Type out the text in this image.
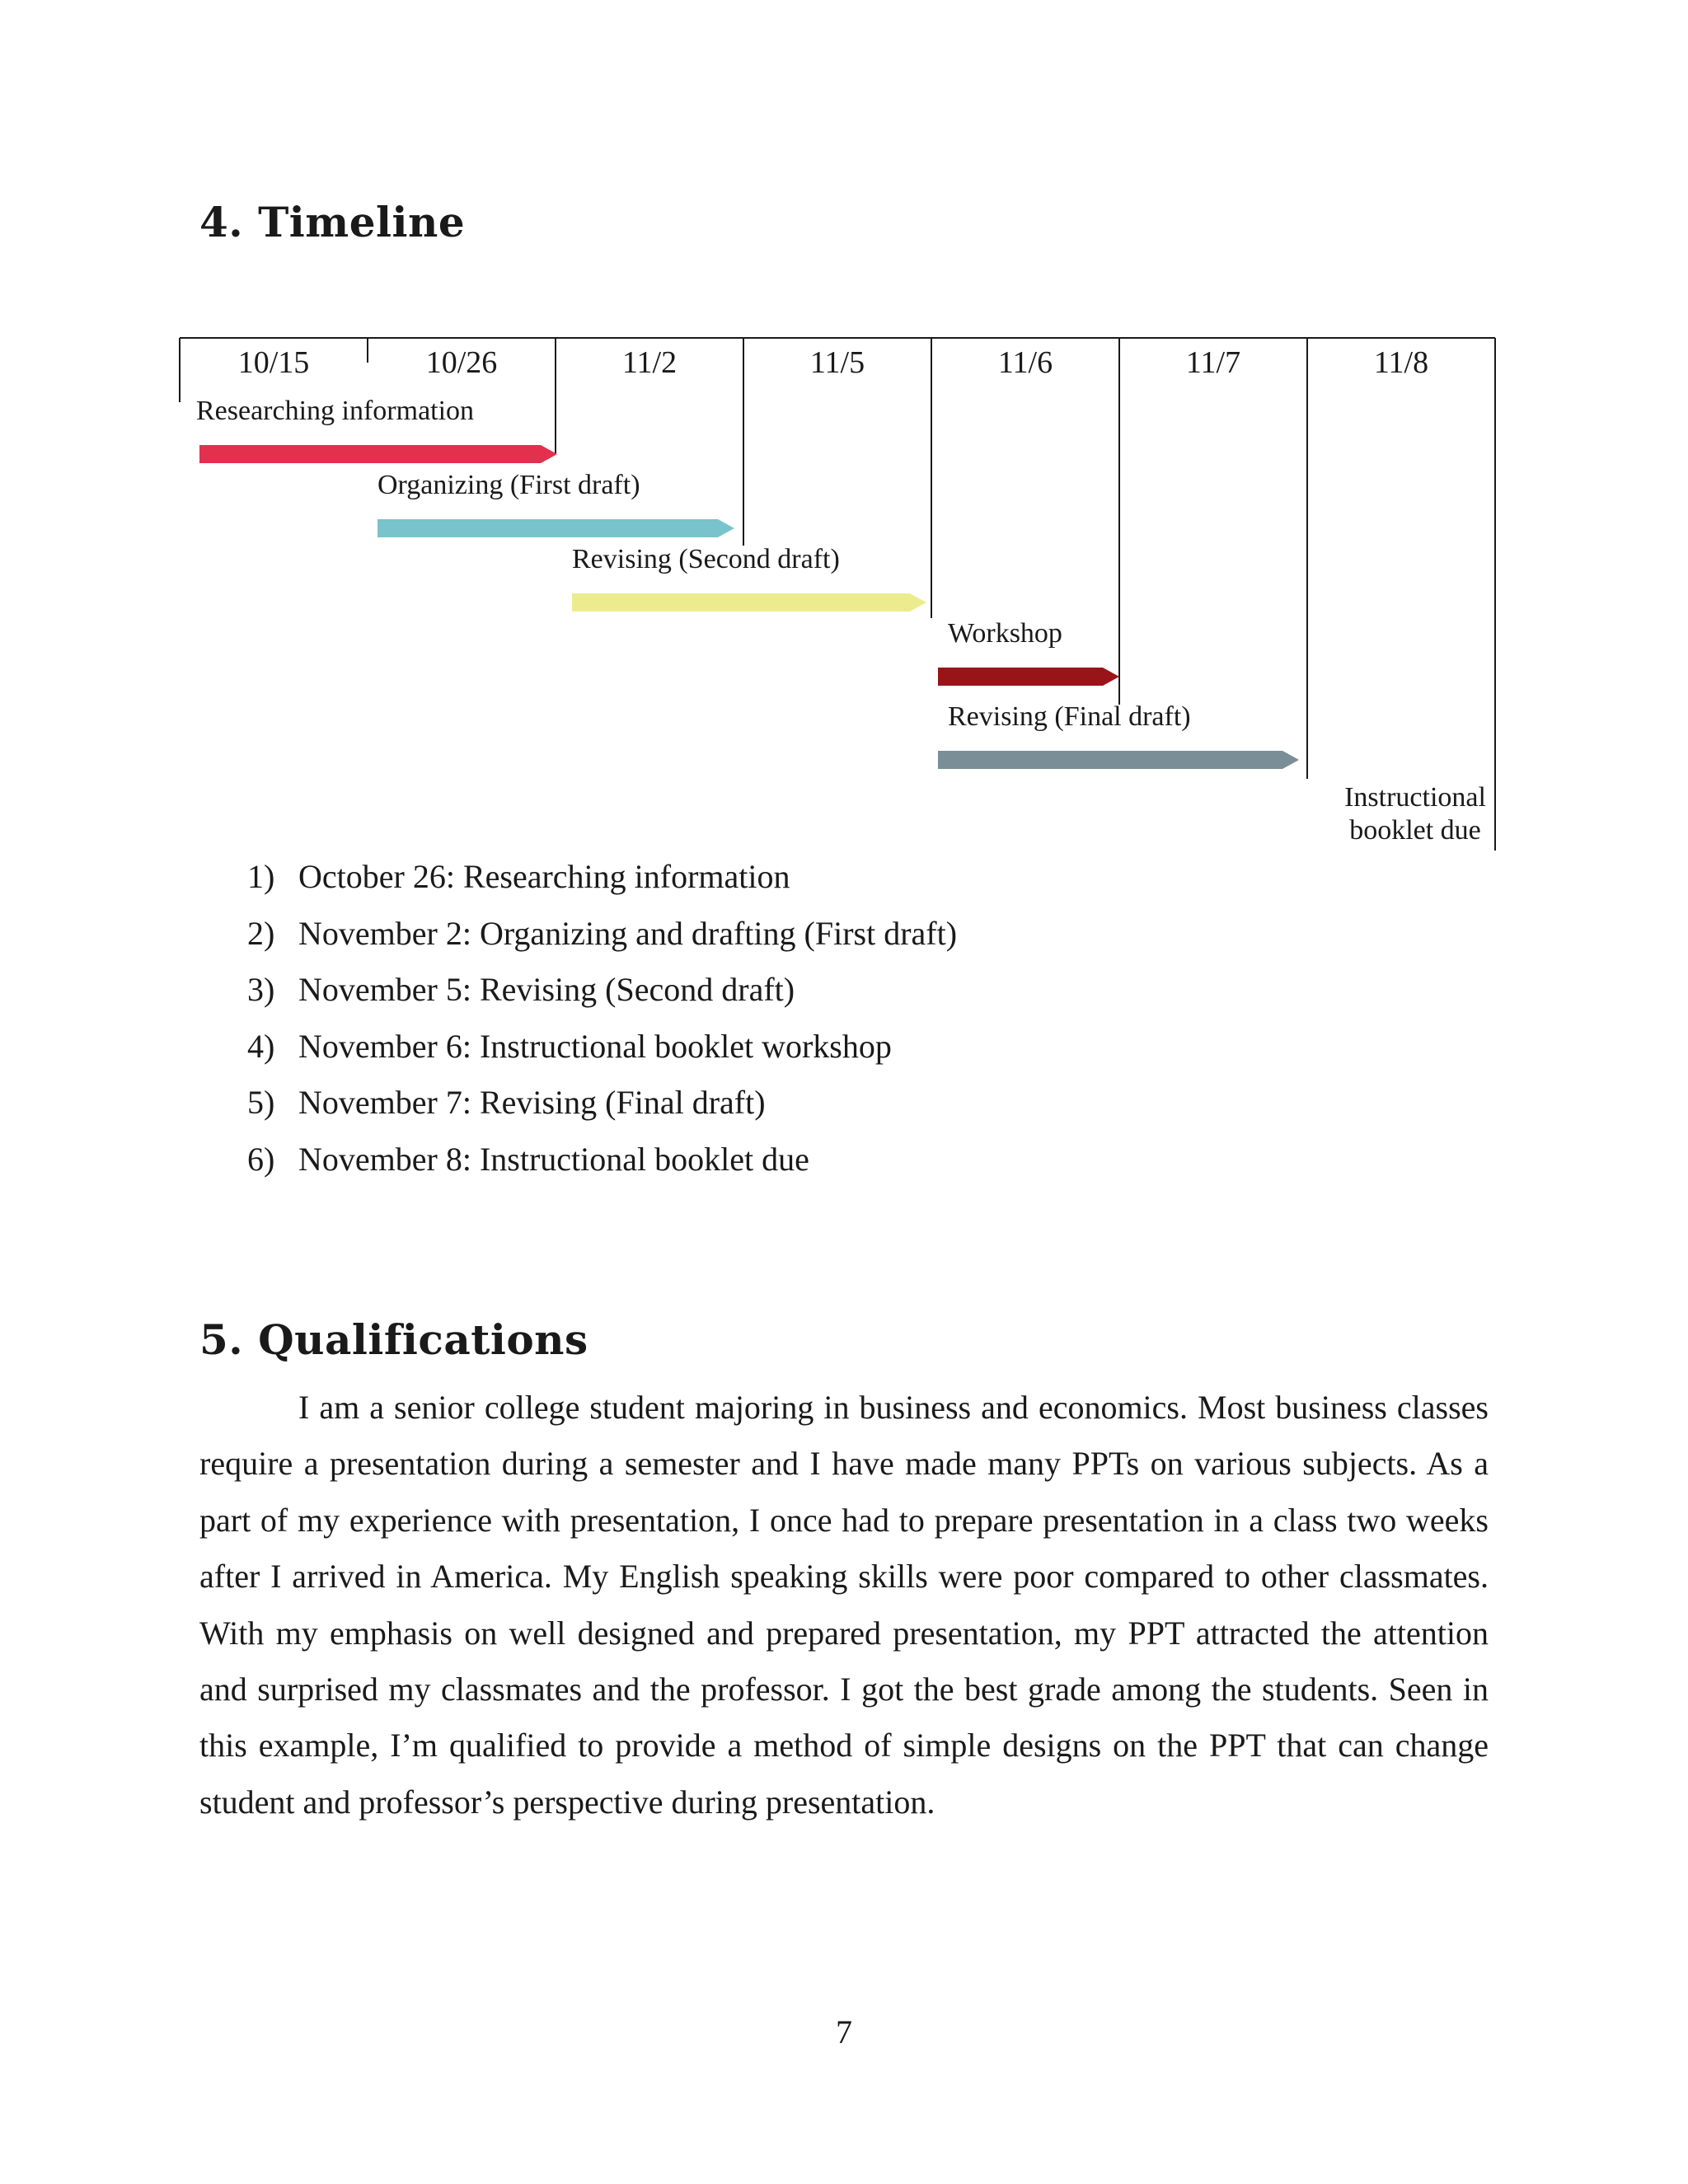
4. Timeline
10/15	10/26	11/2	11/5	11/6	11/7	11/8
Researching information
Organizing (First draft)
Revising (Second draft)
Workshop
Revising (Final draft)
Instructional
booklet due
1) October 26: Researching information
2) November 2: Organizing and drafting (First draft)
3) November 5: Revising (Second draft)
4) November 6: Instructional booklet workshop
5) November 7: Revising (Final draft)
6) November 8: Instructional booklet due
5. Qualifications

I am a senior college student majoring in business and economics. Most business classes require a presentation during a semester and I have made many PPTs on various subjects. As a part of my experience with presentation, I once had to prepare presentation in a class two weeks after I arrived in America. My English speaking skills were poor compared to other classmates. With my emphasis on well designed and prepared presentation, my PPT attracted the attention and surprised my classmates and the professor. I got the best grade among the students. Seen in this example, I’m qualified to provide a method of simple designs on the PPT that can change student and professor’s perspective during presentation.

7
